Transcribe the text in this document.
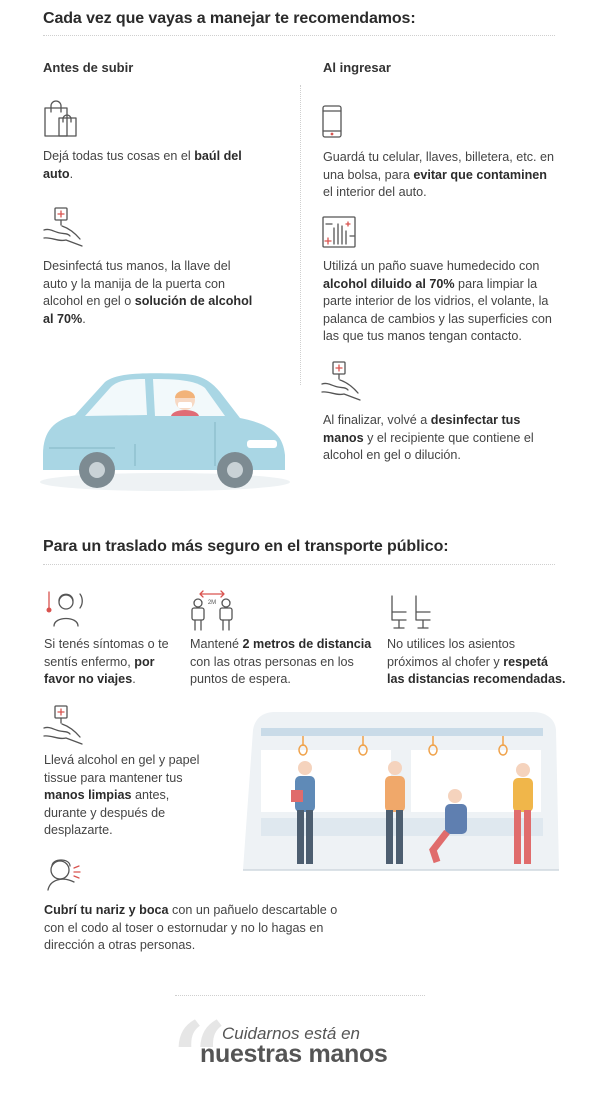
Cada vez que vayas a manejar te recomendamos:
Antes de subir	Al ingresar
Dejá todas tus cosas en el baúl del auto.
Desinfectá tus manos, la llave del auto y la manija de la puerta con alcohol en gel o solución de alcohol al 70%.
Guardá tu celular, llaves, billetera, etc. en una bolsa, para evitar que contaminen el interior del auto.
Utilizá un paño suave humedecido con alcohol diluido al 70% para limpiar la parte interior de los vidrios, el volante, la palanca de cambios y las superficies con las que tus manos tengan contacto.
Al finalizar, volvé a desinfectar tus manos y el recipiente que contiene el alcohol en gel o dilución.
Para un traslado más seguro en el transporte público:
Si tenés síntomas o te sentís enfermo, por favor no viajes.
2M
Mantené 2 metros de distancia con las otras personas en los puntos de espera.
No utilices los asientos próximos al chofer y respetá las distancias recomendadas.
Llevá alcohol en gel y papel tissue para mantener tus manos limpias antes, durante y después de desplazarte.
Cubrí tu nariz y boca con un pañuelo descartable o con el codo al toser o estornudar y no lo hagas en dirección a otras personas.
“
Cuidarnos está en
nuestras manos
